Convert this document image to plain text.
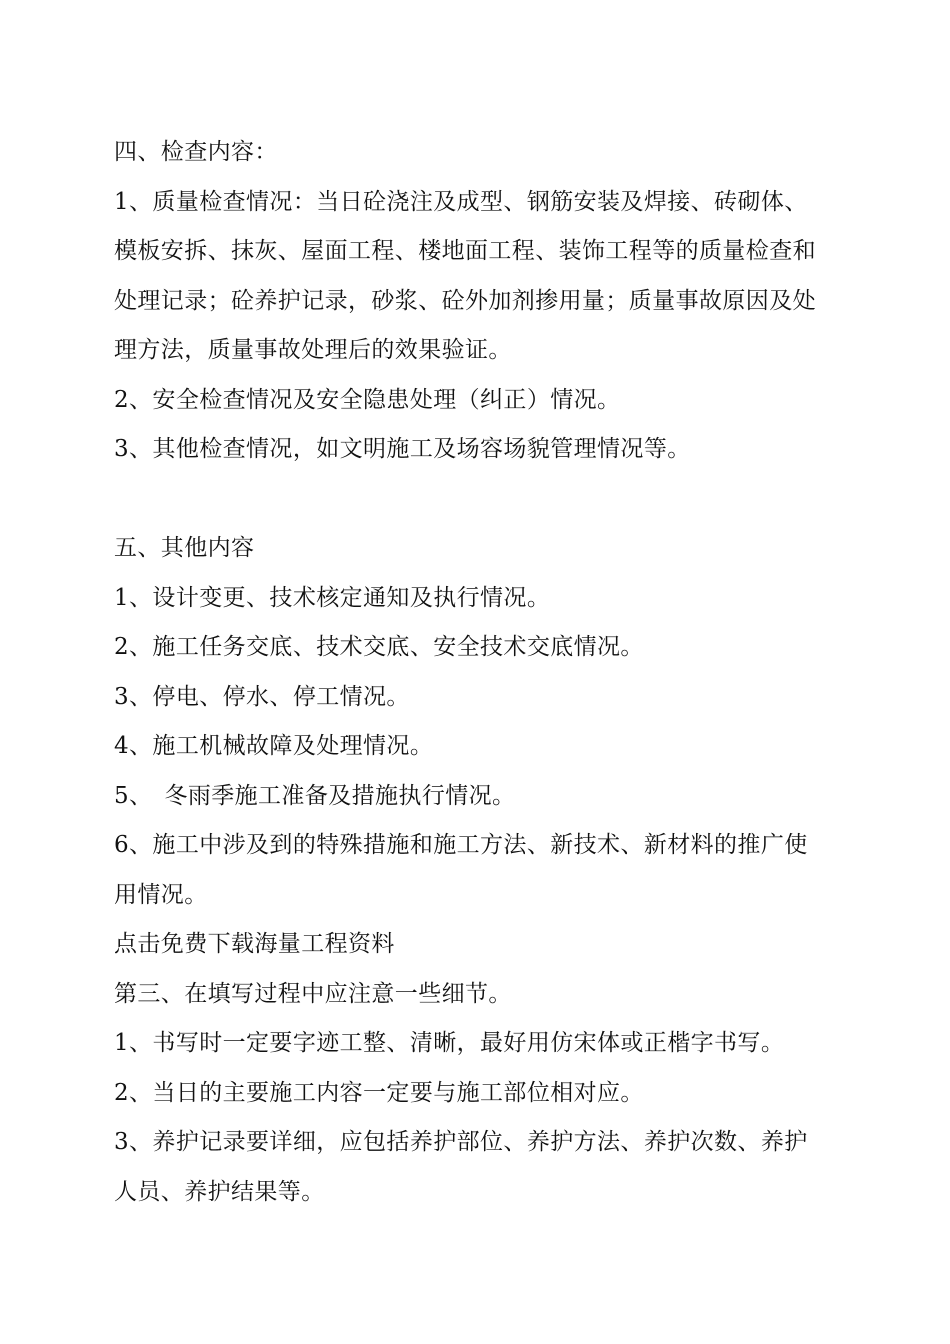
四、检查内容：
1、质量检查情况：当日砼浇注及成型、钢筋安装及焊接、砖砌体、
模板安拆、抹灰、屋面工程、楼地面工程、装饰工程等的质量检查和
处理记录；砼养护记录，砂浆、砼外加剂掺用量；质量事故原因及处
理方法，质量事故处理后的效果验证。
2、安全检查情况及安全隐患处理（纠正）情况。
3、其他检查情况，如文明施工及场容场貌管理情况等。
五、其他内容
1、设计变更、技术核定通知及执行情况。
2、施工任务交底、技术交底、安全技术交底情况。
3、停电、停水、停工情况。
4、施工机械故障及处理情况。
5、 冬雨季施工准备及措施执行情况。
6、施工中涉及到的特殊措施和施工方法、新技术、新材料的推广使
用情况。
点击免费下载海量工程资料
第三、在填写过程中应注意一些细节。
1、书写时一定要字迹工整、清晰，最好用仿宋体或正楷字书写。
2、当日的主要施工内容一定要与施工部位相对应。
3、养护记录要详细，应包括养护部位、养护方法、养护次数、养护
人员、养护结果等。
